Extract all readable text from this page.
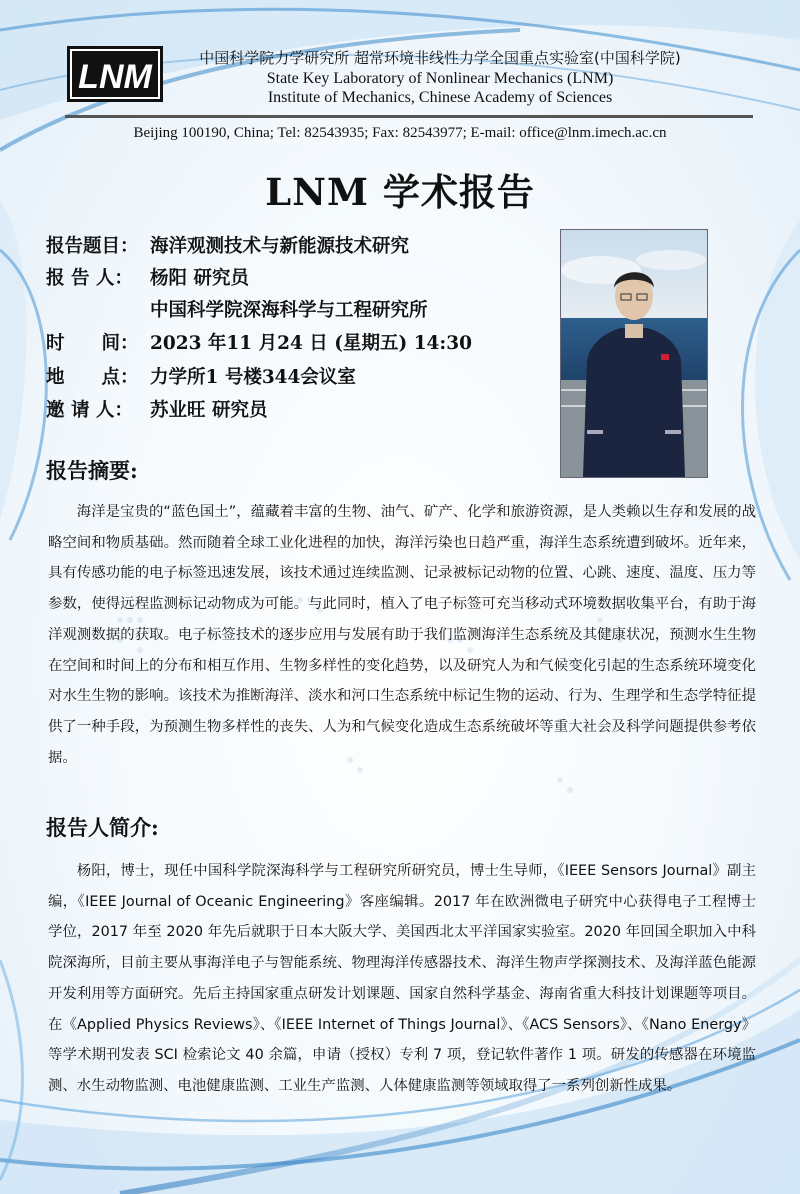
LNM	中国科学院力学研究所 超常环境非线性力学全国重点实验室(中国科学院)
State Key Laboratory of Nonlinear Mechanics (LNM)
Institute of Mechanics, Chinese Academy of Sciences
Beijing 100190, China; Tel: 82543935; Fax: 82543977; E-mail: office@lnm.imech.ac.cn
LNM 学术报告
报告题目： 海洋观测技术与新能源技术研究
报 告 人： 杨阳 研究员
中国科学院深海科学与工程研究所
时　　间： 2023 年11 月24 日 (星期五) 14:30
地　　点： 力学所1 号楼344会议室
邀 请 人： 苏业旺 研究员
报告摘要:
海洋是宝贵的“蓝色国土”，蕴藏着丰富的生物、油气、矿产、化学和旅游资源，是人类赖以生存和发展的战略空间和物质基础。然而随着全球工业化进程的加快，海洋污染也日趋严重，海洋生态系统遭到破坏。近年来，具有传感功能的电子标签迅速发展，该技术通过连续监测、记录被标记动物的位置、心跳、速度、温度、压力等参数，使得远程监测标记动物成为可能。与此同时，植入了电子标签可充当移动式环境数据收集平台，有助于海洋观测数据的获取。电子标签技术的逐步应用与发展有助于我们监测海洋生态系统及其健康状况，预测水生生物在空间和时间上的分布和相互作用、生物多样性的变化趋势，以及研究人为和气候变化引起的生态系统环境变化对水生生物的影响。该技术为推断海洋、淡水和河口生态系统中标记生物的运动、行为、生理学和生态学特征提供了一种手段，为预测生物多样性的丧失、人为和气候变化造成生态系统破坏等重大社会及科学问题提供参考依据。
报告人简介:
杨阳，博士，现任中国科学院深海科学与工程研究所研究员，博士生导师，《IEEE Sensors Journal》副主编，《IEEE Journal of Oceanic Engineering》客座编辑。2017 年在欧洲微电子研究中心获得电子工程博士学位，2017 年至 2020 年先后就职于日本大阪大学、美国西北太平洋国家实验室。2020 年回国全职加入中科院深海所，目前主要从事海洋电子与智能系统、物理海洋传感器技术、海洋生物声学探测技术、及海洋蓝色能源开发利用等方面研究。先后主持国家重点研发计划课题、国家自然科学基金、海南省重大科技计划课题等项目。在《Applied Physics Reviews》、《IEEE Internet of Things Journal》、《ACS Sensors》、《Nano Energy》等学术期刊发表 SCI 检索论文 40 余篇，申请（授权）专利 7 项，登记软件著作 1 项。研发的传感器在环境监测、水生动物监测、电池健康监测、工业生产监测、人体健康监测等领域取得了一系列创新性成果。
